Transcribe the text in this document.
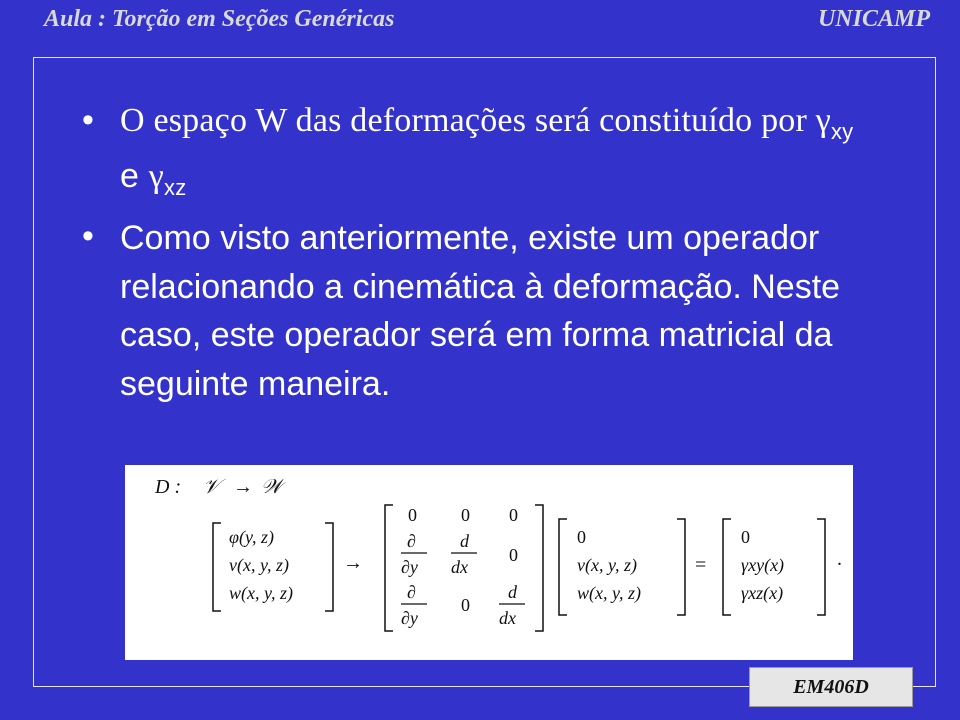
Aula : Torção em Seções Genéricas	UNICAMP
• O espaço W das deformações será constituído por $\gamma_{xy}$ e $\gamma_{xz}$
• Como visto anteriormente, existe um operador relacionando a cinemática à deformação. Neste caso, este operador será em forma matricial da seguinte maneira.
D : 𝒱 → 𝒲
φ(y, z)
v(x, y, z)
w(x, y, z)
→
0 0 0
∂
∂y
d
dx
0
∂
∂y
0
d
dx
0
v(x, y, z)
w(x, y, z)
=
0
γxy(x)
γxz(x)
.
EM406D
